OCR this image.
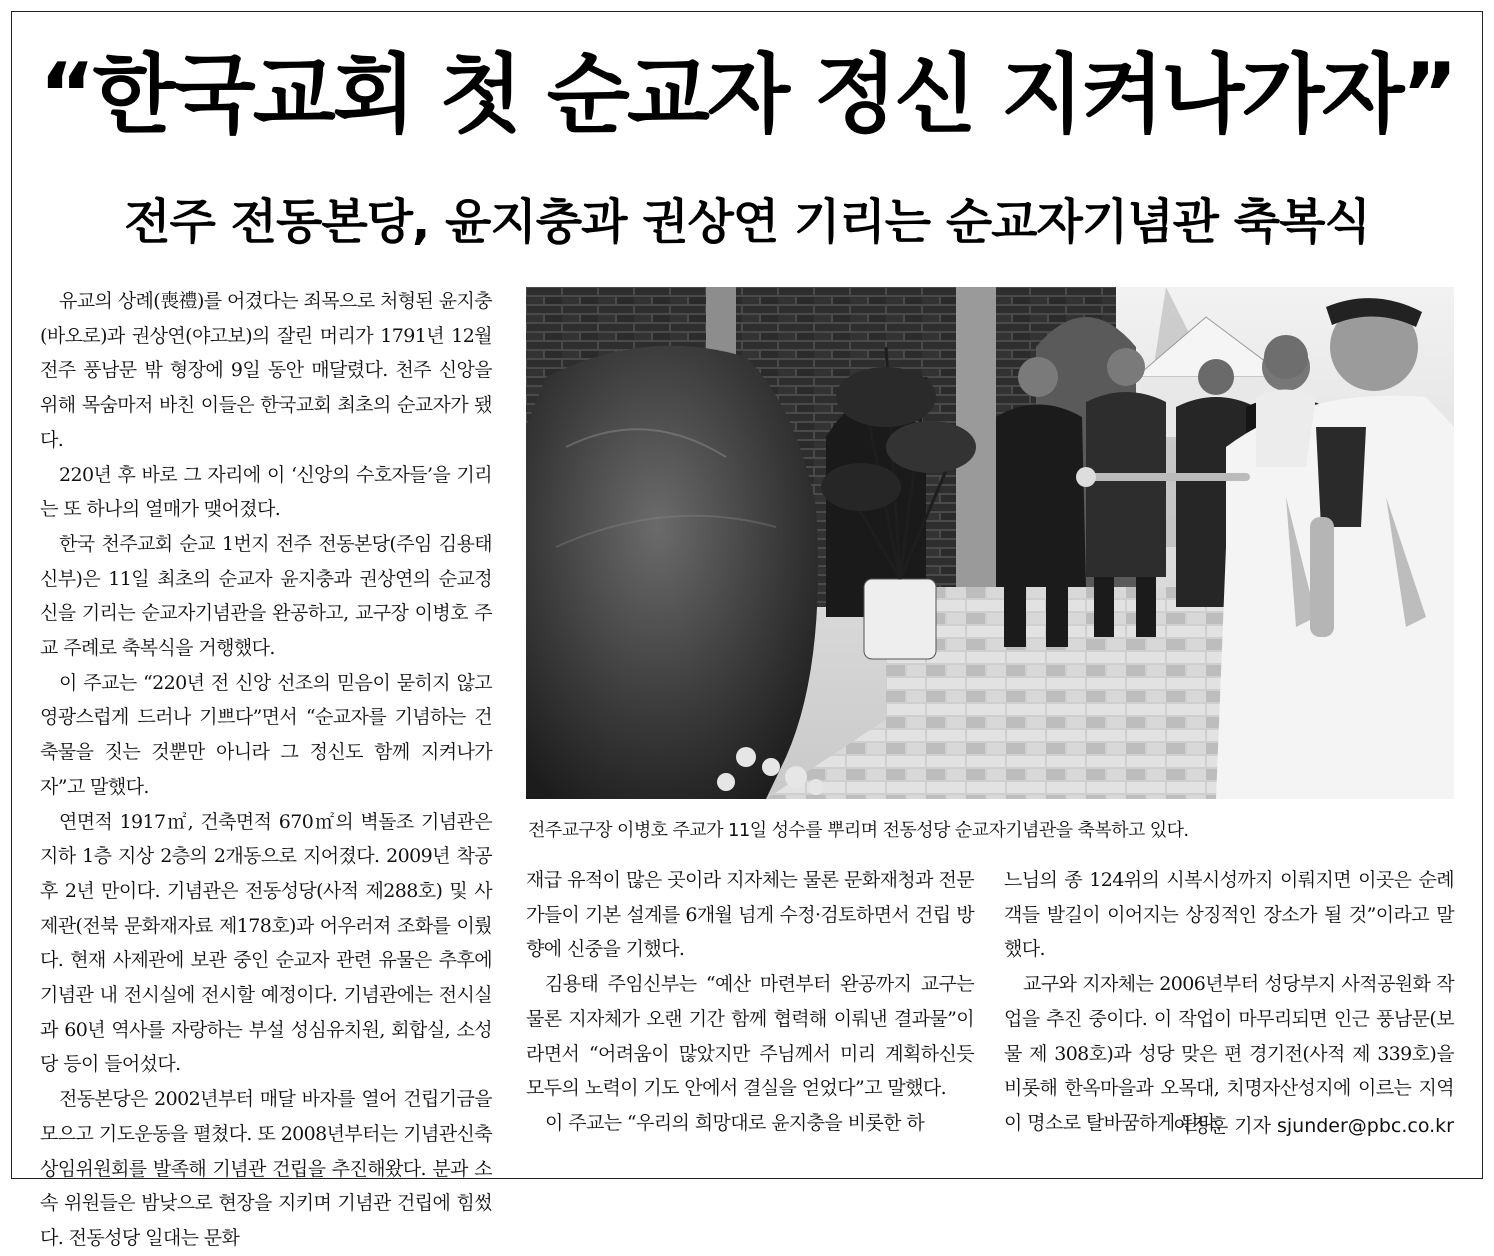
“한국교회 첫 순교자 정신 지켜나가자”
전주 전동본당, 윤지충과 권상연 기리는 순교자기념관 축복식

유교의 상례(喪禮)를 어겼다는 죄목으로 처형된 윤지충(바오로)과 권상연(야고보)의 잘린 머리가 1791년 12월 전주 풍남문 밖 형장에 9일 동안 매달렸다. 천주 신앙을 위해 목숨마저 바친 이들은 한국교회 최초의 순교자가 됐다.

220년 후 바로 그 자리에 이 ‘신앙의 수호자들’을 기리는 또 하나의 열매가 맺어졌다.

한국 천주교회 순교 1번지 전주 전동본당(주임 김용태 신부)은 11일 최초의 순교자 윤지충과 권상연의 순교정신을 기리는 순교자기념관을 완공하고, 교구장 이병호 주교 주례로 축복식을 거행했다.

이 주교는 “220년 전 신앙 선조의 믿음이 묻히지 않고 영광스럽게 드러나 기쁘다”면서 “순교자를 기념하는 건축물을 짓는 것뿐만 아니라 그 정신도 함께 지켜나가자”고 말했다.

연면적 1917㎡, 건축면적 670㎡의 벽돌조 기념관은 지하 1층 지상 2층의 2개동으로 지어졌다. 2009년 착공 후 2년 만이다. 기념관은 전동성당(사적 제288호) 및 사제관(전북 문화재자료 제178호)과 어우러져 조화를 이뤘다. 현재 사제관에 보관 중인 순교자 관련 유물은 추후에 기념관 내 전시실에 전시할 예정이다. 기념관에는 전시실과 60년 역사를 자랑하는 부설 성심유치원, 회합실, 소성당 등이 들어섰다.

전동본당은 2002년부터 매달 바자를 열어 건립기금을 모으고 기도운동을 펼쳤다. 또 2008년부터는 기념관신축상임위원회를 발족해 기념관 건립을 추진해왔다. 분과 소속 위원들은 밤낮으로 현장을 지키며 기념관 건립에 힘썼다. 전동성당 일대는 문화

전주교구장 이병호 주교가 11일 성수를 뿌리며 전동성당 순교자기념관을 축복하고 있다.

재급 유적이 많은 곳이라 지자체는 물론 문화재청과 전문가들이 기본 설계를 6개월 넘게 수정·검토하면서 건립 방향에 신중을 기했다.

김용태 주임신부는 “예산 마련부터 완공까지 교구는 물론 지자체가 오랜 기간 함께 협력해 이뤄낸 결과물”이라면서 “어려움이 많았지만 주님께서 미리 계획하신듯 모두의 노력이 기도 안에서 결실을 얻었다”고 말했다.

이 주교는 “우리의 희망대로 윤지충을 비롯한 하

느님의 종 124위의 시복시성까지 이뤄지면 이곳은 순례객들 발길이 이어지는 상징적인 장소가 될 것”이라고 말했다.

교구와 지자체는 2006년부터 성당부지 사적공원화 작업을 추진 중이다. 이 작업이 마무리되면 인근 풍남문(보물 제 308호)과 성당 맞은 편 경기전(사적 제 339호)을 비롯해 한옥마을과 오목대, 치명자산성지에 이르는 지역이 명소로 탈바꿈하게 된다.

이정훈 기자 sjunder@pbc.co.kr
